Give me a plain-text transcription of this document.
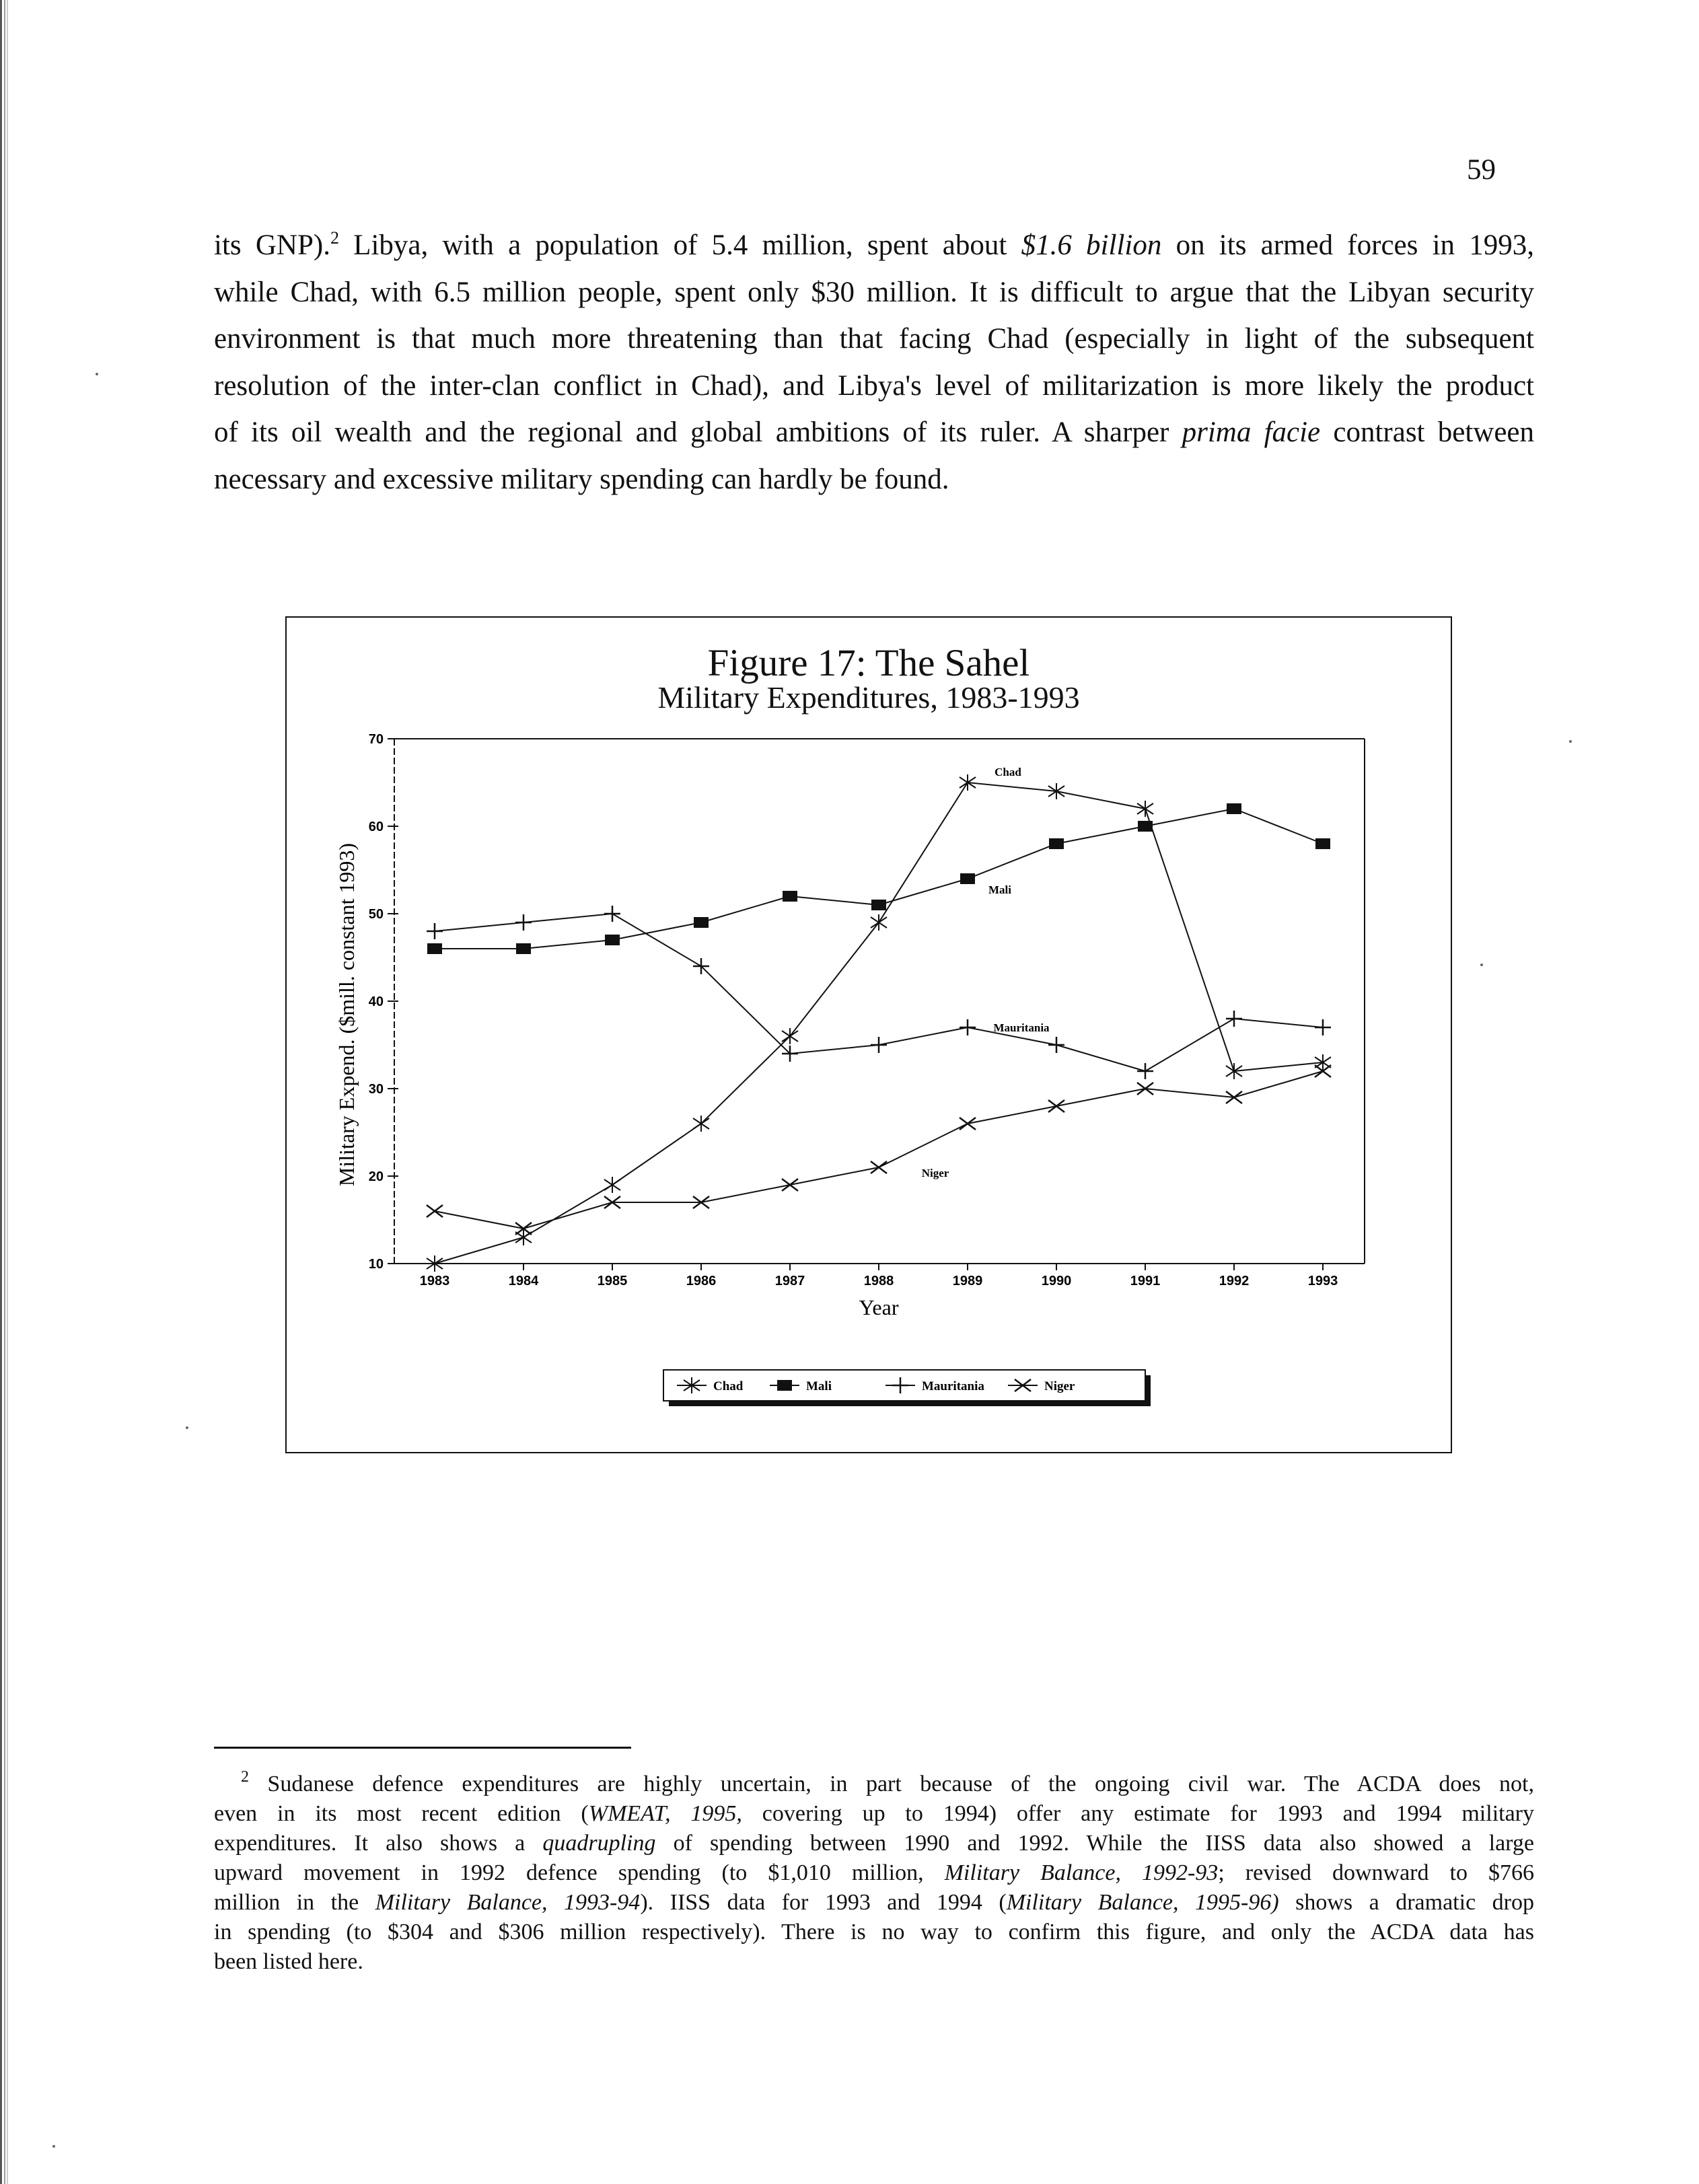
59
its GNP).$^2$ Libya, with a population of 5.4 million, spent about $1.6 billion on its armed forces in 1993,
while Chad, with 6.5 million people, spent only $30 million. It is difficult to argue that the Libyan security
environment is that much more threatening than that facing Chad (especially in light of the subsequent
resolution of the inter-clan conflict in Chad), and Libya's level of militarization is more likely the product
of its oil wealth and the regional and global ambitions of its ruler. A sharper prima facie contrast between
necessary and excessive military spending can hardly be found.
Figure 17: The Sahel
Military Expenditures, 1983-1993
10
20
30
40
50
60
70
1983	1984	1985	1986	1987	1988	1989	1990	1991	1992	1993
Year
Military Expend. ($mill. constant 1993)
Chad
Mali
Mauritania
Niger
Chad	Mali	Mauritania	Niger
$^2$ Sudanese defence expenditures are highly uncertain, in part because of the ongoing civil war. The ACDA does not,
even in its most recent edition (WMEAT, 1995, covering up to 1994) offer any estimate for 1993 and 1994 military
expenditures. It also shows a quadrupling of spending between 1990 and 1992. While the IISS data also showed a large
upward movement in 1992 defence spending (to $1,010 million, Military Balance, 1992-93; revised downward to $766
million in the Military Balance, 1993-94). IISS data for 1993 and 1994 (Military Balance, 1995-96) shows a dramatic drop
in spending (to $304 and $306 million respectively). There is no way to confirm this figure, and only the ACDA data has
been listed here.
